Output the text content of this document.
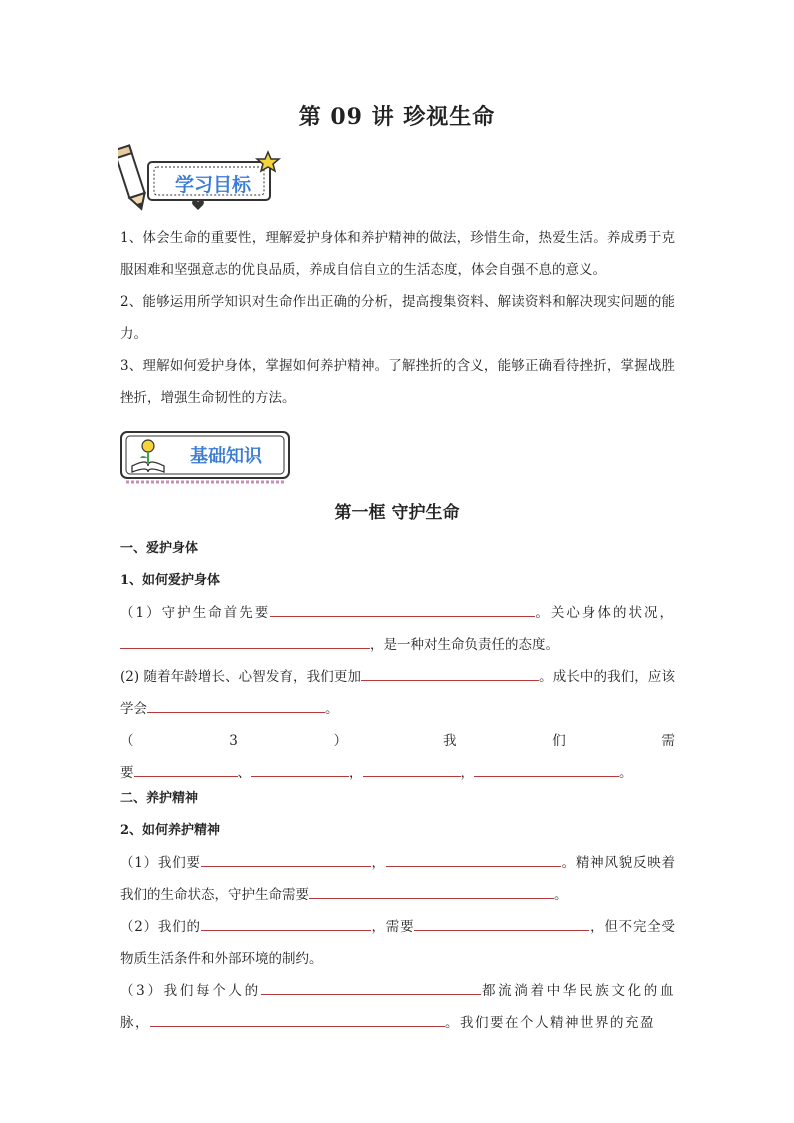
第 09 讲 珍视生命
学习目标

1、体会生命的重要性，理解爱护身体和养护精神的做法，珍惜生命，热爱生活。养成勇于克服困难和坚强意志的优良品质，养成自信自立的生活态度，体会自强不息的意义。

2、能够运用所学知识对生命作出正确的分析，提高搜集资料、解读资料和解决现实问题的能力。

3、理解如何爱护身体，掌握如何养护精神。了解挫折的含义，能够正确看待挫折，掌握战胜挫折，增强生命韧性的方法。

基础知识
第一框 守护生命

一、爱护身体

1、如何爱护身体

（1）守护生命首先要	。关心身体的状况，，是一种对生命负责任的态度。

(2) 随着年龄增长、心智发育，我们更加	。成长中的我们，应该学会	。

（	3	）	我	们	需

要	、	，	，	。

二、养护精神

2、如何养护精神

（1）我们要	，	。精神风貌反映着我们的生命状态，守护生命需要	。

（2）我们的	，需要	，但不完全受物质生活条件和外部环境的制约。

（3）我们每个人的	都流淌着中华民族文化的血脉，	。我们要在个人精神世界的充盈
